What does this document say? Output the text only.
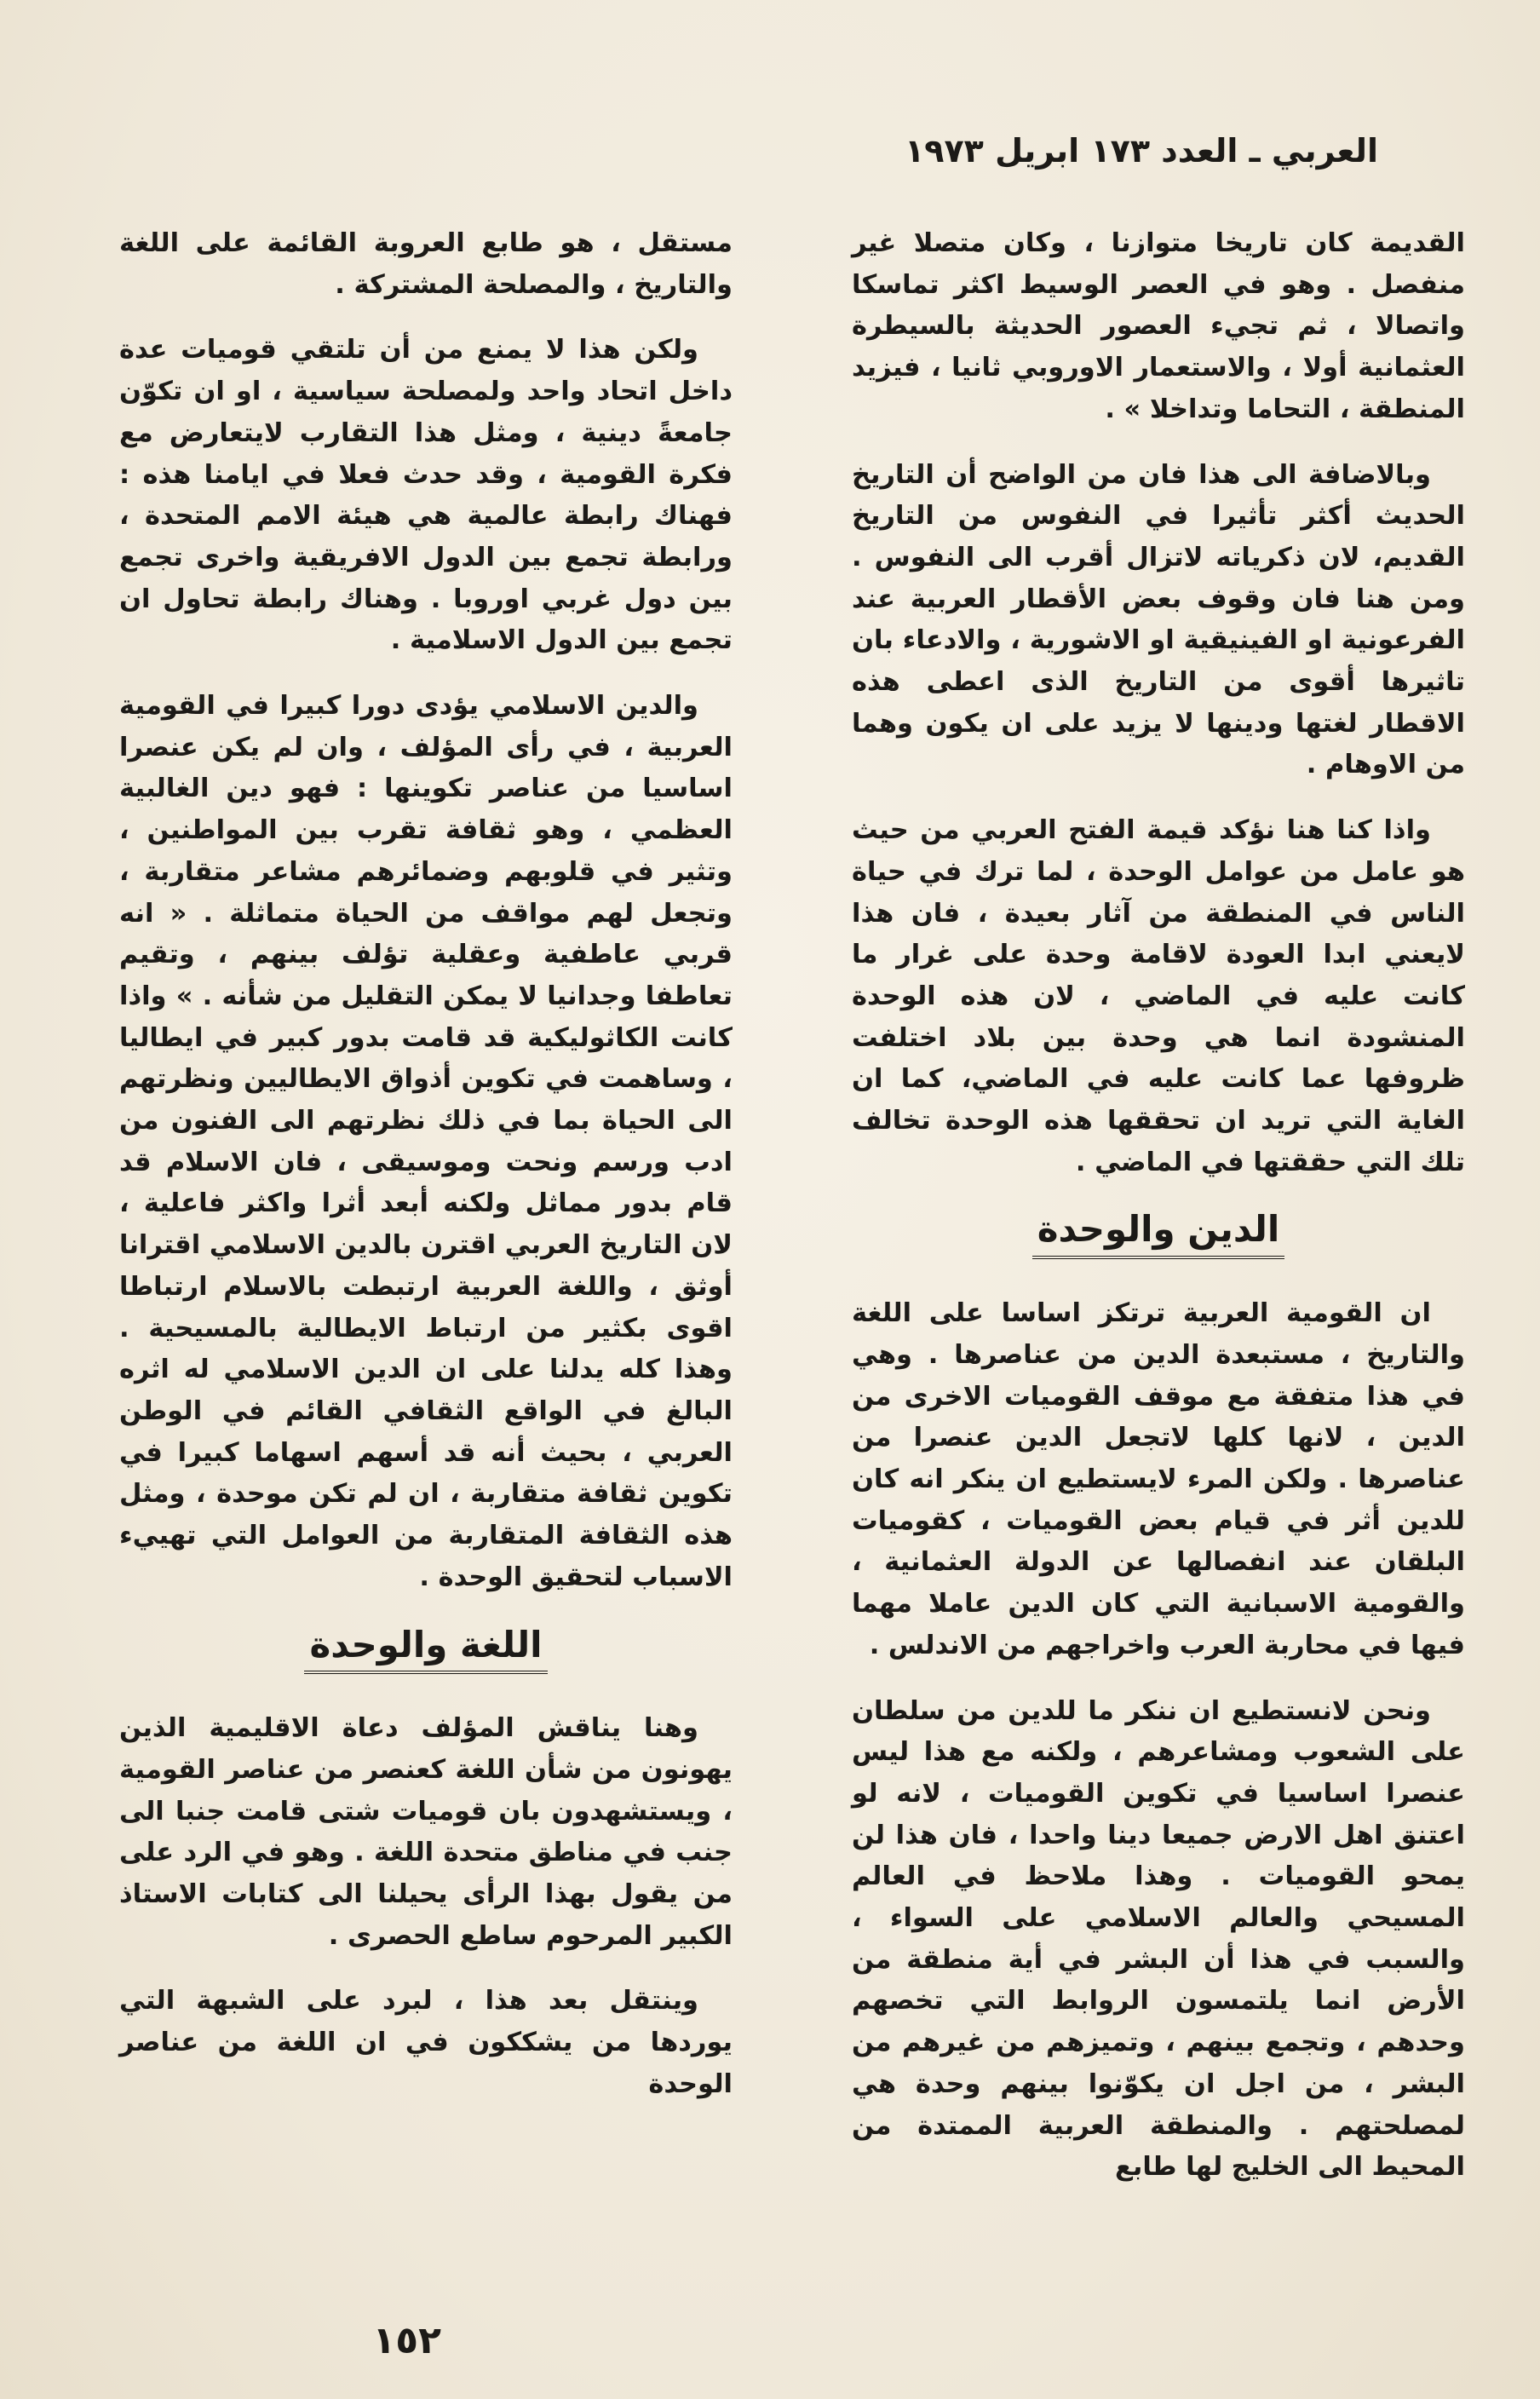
العربي ـ العدد ١٧٣ ابريل ١٩٧٣

القديمة كان تاريخا متوازنا ، وكان متصلا غير منفصل . وهو في العصر الوسيط اكثر تماسكا واتصالا ، ثم تجيء العصور الحديثة بالسيطرة العثمانية أولا ، والاستعمار الاوروبي ثانيا ، فيزيد المنطقة ، التحاما وتداخلا » .

وبالاضافة الى هذا فان من الواضح أن التاريخ الحديث أكثر تأثيرا في النفوس من التاريخ القديم، لان ذكرياته لاتزال أقرب الى النفوس . ومن هنا فان وقوف بعض الأقطار العربية عند الفرعونية او الفينيقية او الاشورية ، والادعاء بان تاثيرها أقوى من التاريخ الذى اعطى هذه الاقطار لغتها ودينها لا يزيد على ان يكون وهما من الاوهام .

واذا كنا هنا نؤكد قيمة الفتح العربي من حيث هو عامل من عوامل الوحدة ، لما ترك في حياة الناس في المنطقة من آثار بعيدة ، فان هذا لايعني ابدا العودة لاقامة وحدة على غرار ما كانت عليه في الماضي ، لان هذه الوحدة المنشودة انما هي وحدة بين بلاد اختلفت ظروفها عما كانت عليه في الماضي، كما ان الغاية التي تريد ان تحققها هذه الوحدة تخالف تلك التي حققتها في الماضي .

الدين والوحدة

ان القومية العربية ترتكز اساسا على اللغة والتاريخ ، مستبعدة الدين من عناصرها . وهي في هذا متفقة مع موقف القوميات الاخرى من الدين ، لانها كلها لاتجعل الدين عنصرا من عناصرها . ولكن المرء لايستطيع ان ينكر انه كان للدين أثر في قيام بعض القوميات ، كقوميات البلقان عند انفصالها عن الدولة العثمانية ، والقومية الاسبانية التي كان الدين عاملا مهما فيها في محاربة العرب واخراجهم من الاندلس .

ونحن لانستطيع ان ننكر ما للدين من سلطان على الشعوب ومشاعرهم ، ولكنه مع هذا ليس عنصرا اساسيا في تكوين القوميات ، لانه لو اعتنق اهل الارض جميعا دينا واحدا ، فان هذا لن يمحو القوميات . وهذا ملاحظ في العالم المسيحي والعالم الاسلامي على السواء ، والسبب في هذا أن البشر في أية منطقة من الأرض انما يلتمسون الروابط التي تخصهم وحدهم ، وتجمع بينهم ، وتميزهم من غيرهم من البشر ، من اجل ان يكوّنوا بينهم وحدة هي لمصلحتهم . والمنطقة العربية الممتدة من المحيط الى الخليج لها طابع

مستقل ، هو طابع العروبة القائمة على اللغة والتاريخ ، والمصلحة المشتركة .

ولكن هذا لا يمنع من أن تلتقي قوميات عدة داخل اتحاد واحد ولمصلحة سياسية ، او ان تكوّن جامعةً دينية ، ومثل هذا التقارب لايتعارض مع فكرة القومية ، وقد حدث فعلا في ايامنا هذه : فهناك رابطة عالمية هي هيئة الامم المتحدة ، ورابطة تجمع بين الدول الافريقية واخرى تجمع بين دول غربي اوروبا . وهناك رابطة تحاول ان تجمع بين الدول الاسلامية .

والدين الاسلامي يؤدى دورا كبيرا في القومية العربية ، في رأى المؤلف ، وان لم يكن عنصرا اساسيا من عناصر تكوينها : فهو دين الغالبية العظمي ، وهو ثقافة تقرب بين المواطنين ، وتثير في قلوبهم وضمائرهم مشاعر متقاربة ، وتجعل لهم مواقف من الحياة متماثلة . « انه قربي عاطفية وعقلية تؤلف بينهم ، وتقيم تعاطفا وجدانيا لا يمكن التقليل من شأنه . » واذا كانت الكاثوليكية قد قامت بدور كبير في ايطاليا ، وساهمت في تكوين أذواق الايطاليين ونظرتهم الى الحياة بما في ذلك نظرتهم الى الفنون من ادب ورسم ونحت وموسيقى ، فان الاسلام قد قام بدور مماثل ولكنه أبعد أثرا واكثر فاعلية ، لان التاريخ العربي اقترن بالدين الاسلامي اقترانا أوثق ، واللغة العربية ارتبطت بالاسلام ارتباطا اقوى بكثير من ارتباط الايطالية بالمسيحية . وهذا كله يدلنا على ان الدين الاسلامي له اثره البالغ في الواقع الثقافي القائم في الوطن العربي ، بحيث أنه قد أسهم اسهاما كبيرا في تكوين ثقافة متقاربة ، ان لم تكن موحدة ، ومثل هذه الثقافة المتقاربة من العوامل التي تهييء الاسباب لتحقيق الوحدة .

اللغة والوحدة

وهنا يناقش المؤلف دعاة الاقليمية الذين يهونون من شأن اللغة كعنصر من عناصر القومية ، ويستشهدون بان قوميات شتى قامت جنبا الى جنب في مناطق متحدة اللغة . وهو في الرد على من يقول بهذا الرأى يحيلنا الى كتابات الاستاذ الكبير المرحوم ساطع الحصرى .

وينتقل بعد هذا ، لبرد على الشبهة التي يوردها من يشككون في ان اللغة من عناصر الوحدة

١٥٢
